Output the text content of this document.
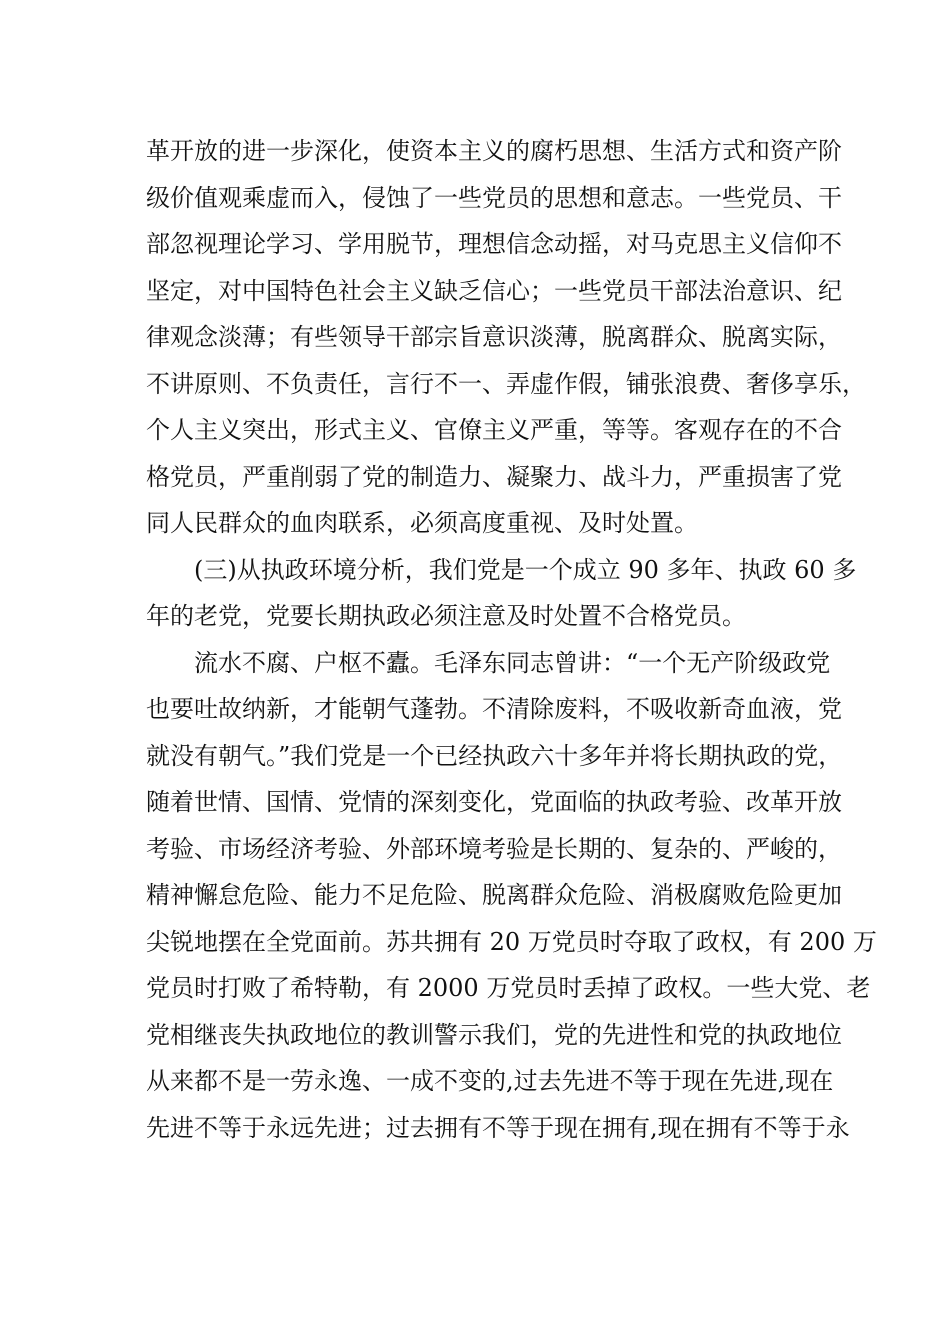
革开放的进一步深化，使资本主义的腐朽思想、生活方式和资产阶
级价值观乘虚而入，侵蚀了一些党员的思想和意志。一些党员、干
部忽视理论学习、学用脱节，理想信念动摇，对马克思主义信仰不
坚定，对中国特色社会主义缺乏信心；一些党员干部法治意识、纪
律观念淡薄；有些领导干部宗旨意识淡薄，脱离群众、脱离实际，
不讲原则、不负责任，言行不一、弄虚作假，铺张浪费、奢侈享乐，
个人主义突出，形式主义、官僚主义严重，等等。客观存在的不合
格党员，严重削弱了党的制造力、凝聚力、战斗力，严重损害了党
同人民群众的血肉联系，必须高度重视、及时处置。
(三)从执政环境分析，我们党是一个成立 90 多年、执政 60 多
年的老党，党要长期执政必须注意及时处置不合格党员。
流水不腐、户枢不蠹。毛泽东同志曾讲：“一个无产阶级政党
也要吐故纳新，才能朝气蓬勃。不清除废料，不吸收新奇血液，党
就没有朝气。”我们党是一个已经执政六十多年并将长期执政的党，
随着世情、国情、党情的深刻变化，党面临的执政考验、改革开放
考验、市场经济考验、外部环境考验是长期的、复杂的、严峻的，
精神懈怠危险、能力不足危险、脱离群众危险、消极腐败危险更加
尖锐地摆在全党面前。苏共拥有 20 万党员时夺取了政权，有 200 万
党员时打败了希特勒，有 2000 万党员时丢掉了政权。一些大党、老
党相继丧失执政地位的教训警示我们，党的先进性和党的执政地位
从来都不是一劳永逸、一成不变的,过去先进不等于现在先进,现在
先进不等于永远先进；过去拥有不等于现在拥有,现在拥有不等于永
